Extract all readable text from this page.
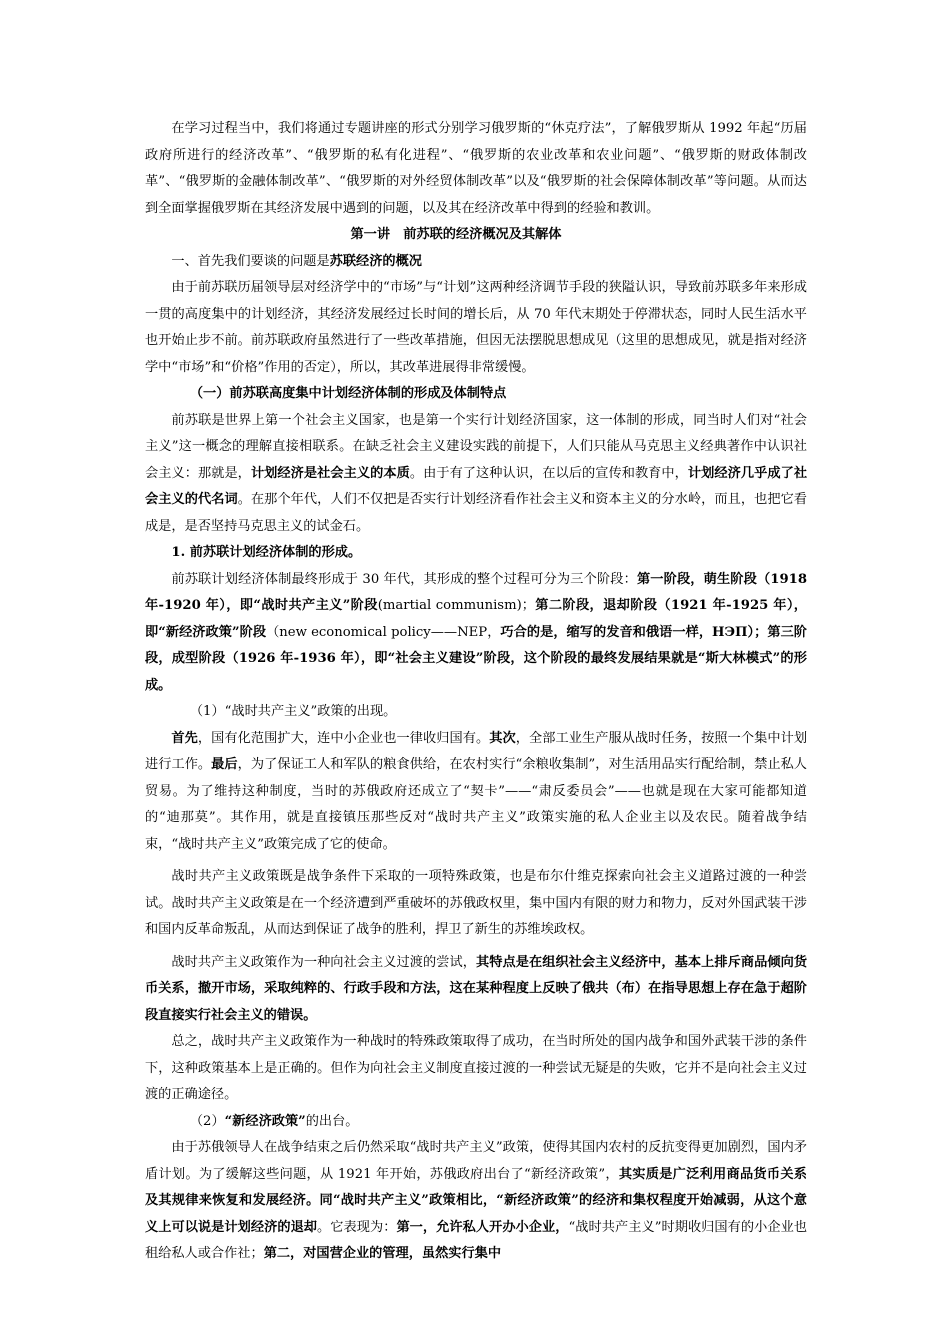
在学习过程当中，我们将通过专题讲座的形式分别学习俄罗斯的“休克疗法”，了解俄罗斯从 1992 年起“历届政府所进行的经济改革”、“俄罗斯的私有化进程”、“俄罗斯的农业改革和农业问题”、“俄罗斯的财政体制改革”、“俄罗斯的金融体制改革”、“俄罗斯的对外经贸体制改革”以及“俄罗斯的社会保障体制改革”等问题。从而达到全面掌握俄罗斯在其经济发展中遇到的问题，以及其在经济改革中得到的经验和教训。

第一讲　前苏联的经济概况及其解体

一、首先我们要谈的问题是苏联经济的概况

由于前苏联历届领导层对经济学中的“市场”与“计划”这两种经济调节手段的狭隘认识，导致前苏联多年来形成一贯的高度集中的计划经济，其经济发展经过长时间的增长后，从 70 年代末期处于停滞状态，同时人民生活水平也开始止步不前。前苏联政府虽然进行了一些改革措施，但因无法摆脱思想成见（这里的思想成见，就是指对经济学中“市场”和“价格”作用的否定），所以，其改革进展得非常缓慢。

（一）前苏联高度集中计划经济体制的形成及体制特点

前苏联是世界上第一个社会主义国家，也是第一个实行计划经济国家，这一体制的形成，同当时人们对“社会主义”这一概念的理解直接相联系。在缺乏社会主义建设实践的前提下，人们只能从马克思主义经典著作中认识社会主义：那就是，计划经济是社会主义的本质。由于有了这种认识，在以后的宣传和教育中，计划经济几乎成了社会主义的代名词。在那个年代，人们不仅把是否实行计划经济看作社会主义和资本主义的分水岭，而且，也把它看成是，是否坚持马克思主义的试金石。

1. 前苏联计划经济体制的形成。

前苏联计划经济体制最终形成于 30 年代，其形成的整个过程可分为三个阶段：第一阶段，萌生阶段（1918 年-1920 年），即“战时共产主义”阶段(martial communism)；第二阶段，退却阶段（1921 年-1925 年），即“新经济政策”阶段（new economical policy——NEP，巧合的是，缩写的发音和俄语一样，НЭП）；第三阶段，成型阶段（1926 年-1936 年），即“社会主义建设”阶段，这个阶段的最终发展结果就是“斯大林模式”的形成。

（1）“战时共产主义”政策的出现。

首先，国有化范围扩大，连中小企业也一律收归国有。其次，全部工业生产服从战时任务，按照一个集中计划进行工作。最后，为了保证工人和军队的粮食供给，在农村实行“余粮收集制”，对生活用品实行配给制，禁止私人贸易。为了维持这种制度，当时的苏俄政府还成立了“契卡”——“肃反委员会”——也就是现在大家可能都知道的“迪那莫”。其作用，就是直接镇压那些反对“战时共产主义”政策实施的私人企业主以及农民。随着战争结束，“战时共产主义”政策完成了它的使命。

战时共产主义政策既是战争条件下采取的一项特殊政策，也是布尔什维克探索向社会主义道路过渡的一种尝试。战时共产主义政策是在一个经济遭到严重破坏的苏俄政权里，集中国内有限的财力和物力，反对外国武装干涉和国内反革命叛乱，从而达到保证了战争的胜利，捍卫了新生的苏维埃政权。

战时共产主义政策作为一种向社会主义过渡的尝试，其特点是在组织社会主义经济中，基本上排斥商品倾向货币关系，撤开市场，采取纯粹的、行政手段和方法，这在某种程度上反映了俄共（布）在指导思想上存在急于超阶段直接实行社会主义的错误。

总之，战时共产主义政策作为一种战时的特殊政策取得了成功，在当时所处的国内战争和国外武装干涉的条件下，这种政策基本上是正确的。但作为向社会主义制度直接过渡的一种尝试无疑是的失败，它并不是向社会主义过渡的正确途径。

（2）“新经济政策”的出台。

由于苏俄领导人在战争结束之后仍然采取“战时共产主义”政策，使得其国内农村的反抗变得更加剧烈，国内矛盾计划。为了缓解这些问题，从 1921 年开始，苏俄政府出台了“新经济政策”，其实质是广泛利用商品货币关系及其规律来恢复和发展经济。同“战时共产主义”政策相比，“新经济政策”的经济和集权程度开始减弱，从这个意义上可以说是计划经济的退却。它表现为：第一，允许私人开办小企业，“战时共产主义”时期收归国有的小企业也租给私人或合作社；第二，对国营企业的管理，虽然实行集中
